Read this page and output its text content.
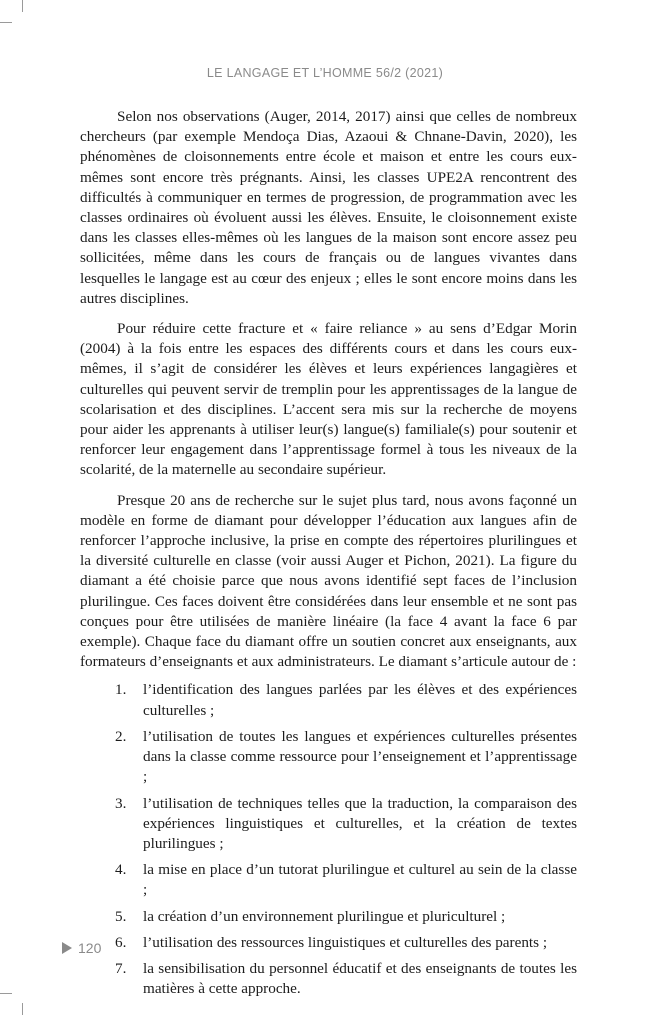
LE LANGAGE ET L’HOMME 56/2 (2021)

Selon nos observations (Auger, 2014, 2017) ainsi que celles de nombreux chercheurs (par exemple Mendoça Dias, Azaoui & Chnane-Davin, 2020), les phénomènes de cloisonnements entre école et maison et entre les cours eux-mêmes sont encore très prégnants. Ainsi, les classes UPE2A rencontrent des difficultés à communiquer en termes de progression, de programmation avec les classes ordinaires où évoluent aussi les élèves. Ensuite, le cloisonnement existe dans les classes elles-mêmes où les langues de la maison sont encore assez peu sollicitées, même dans les cours de français ou de langues vivantes dans lesquelles le langage est au cœur des enjeux ; elles le sont encore moins dans les autres disciplines.

Pour réduire cette fracture et « faire reliance » au sens d’Edgar Morin (2004) à la fois entre les espaces des différents cours et dans les cours eux-mêmes, il s’agit de considérer les élèves et leurs expériences langagières et culturelles qui peuvent servir de tremplin pour les apprentissages de la langue de scolarisation et des disciplines. L’accent sera mis sur la recherche de moyens pour aider les apprenants à utiliser leur(s) langue(s) familiale(s) pour soutenir et renforcer leur engagement dans l’apprentissage formel à tous les niveaux de la scolarité, de la maternelle au secondaire supérieur.

Presque 20 ans de recherche sur le sujet plus tard, nous avons façonné un modèle en forme de diamant pour développer l’éducation aux langues afin de renforcer l’approche inclusive, la prise en compte des répertoires plurilingues et la diversité culturelle en classe (voir aussi Auger et Pichon, 2021). La figure du diamant a été choisie parce que nous avons identifié sept faces de l’inclusion plurilingue. Ces faces doivent être considérées dans leur ensemble et ne sont pas conçues pour être utilisées de manière linéaire (la face 4 avant la face 6 par exemple). Chaque face du diamant offre un soutien concret aux enseignants, aux formateurs d’enseignants et aux administrateurs. Le diamant s’articule autour de :

1. l’identification des langues parlées par les élèves et des expériences culturelles ;
2. l’utilisation de toutes les langues et expériences culturelles présentes dans la classe comme ressource pour l’enseignement et l’apprentissage ;
3. l’utilisation de techniques telles que la traduction, la comparaison des expériences linguistiques et culturelles, et la création de textes plurilingues ;
4. la mise en place d’un tutorat plurilingue et culturel au sein de la classe ;
5. la création d’un environnement plurilingue et pluriculturel ;
6. l’utilisation des ressources linguistiques et culturelles des parents ;
7. la sensibilisation du personnel éducatif et des enseignants de toutes les matières à cette approche.
120
